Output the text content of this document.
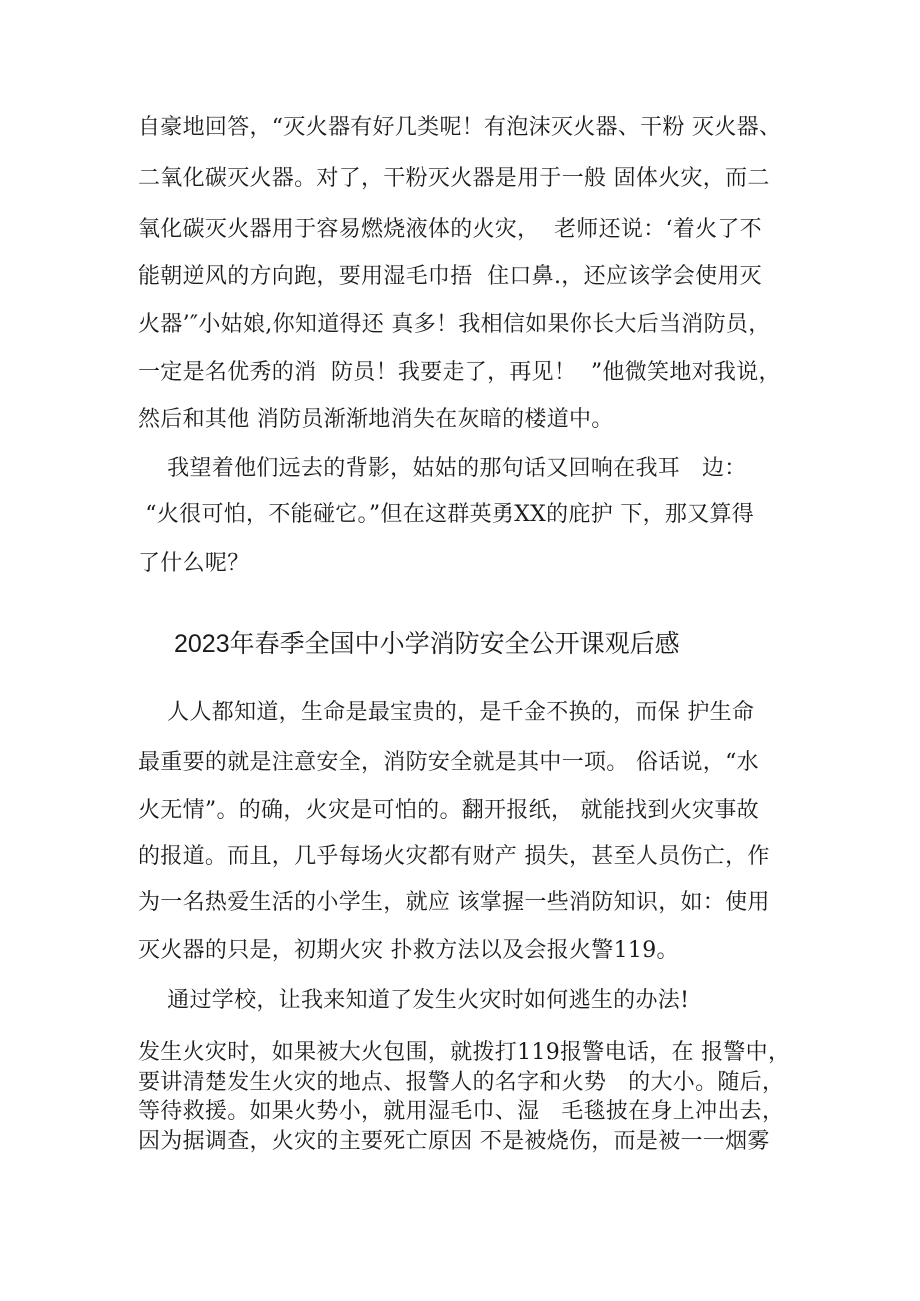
自豪地回答，“灭火器有好几类呢！有泡沫灭火器、干粉 灭火器、
二氧化碳灭火器。对了，干粉灭火器是用于一般 固体火灾，而二
氧化碳灭火器用于容易燃烧液体的火灾，  老师还说：‘着火了不
能朝逆风的方向跑，要用湿毛巾捂  住口鼻.，还应该学会使用灭
火器’″小姑娘,你知道得还 真多！我相信如果你长大后当消防员，
一定是名优秀的消  防员！我要走了，再见！  ”他微笑地对我说，
然后和其他 消防员渐渐地消失在灰暗的楼道中。
我望着他们远去的背影，姑姑的那句话又回响在我耳   边：
“火很可怕，不能碰它。”但在这群英勇XX的庇护 下，那又算得
了什么呢？
2023年春季全国中小学消防安全公开课观后感
人人都知道，生命是最宝贵的，是千金不换的，而保 护生命
最重要的就是注意安全，消防安全就是其中一项。 俗话说，“水
火无情”。的确，火灾是可怕的。翻开报纸， 就能找到火灾事故
的报道。而且，几乎每场火灾都有财产 损失，甚至人员伤亡，作
为一名热爱生活的小学生，就应 该掌握一些消防知识，如：使用
灭火器的只是，初期火灾 扑救方法以及会报火警119。
通过学校，让我来知道了发生火灾时如何逃生的办法!
发生火灾时，如果被大火包围，就拨打119报警电话，在 报警中，
要讲清楚发生火灾的地点、报警人的名字和火势   的大小。随后，
等待救援。如果火势小，就用湿毛巾、湿   毛毯披在身上冲出去，
因为据调查，火灾的主要死亡原因 不是被烧伤，而是被一一烟雾
